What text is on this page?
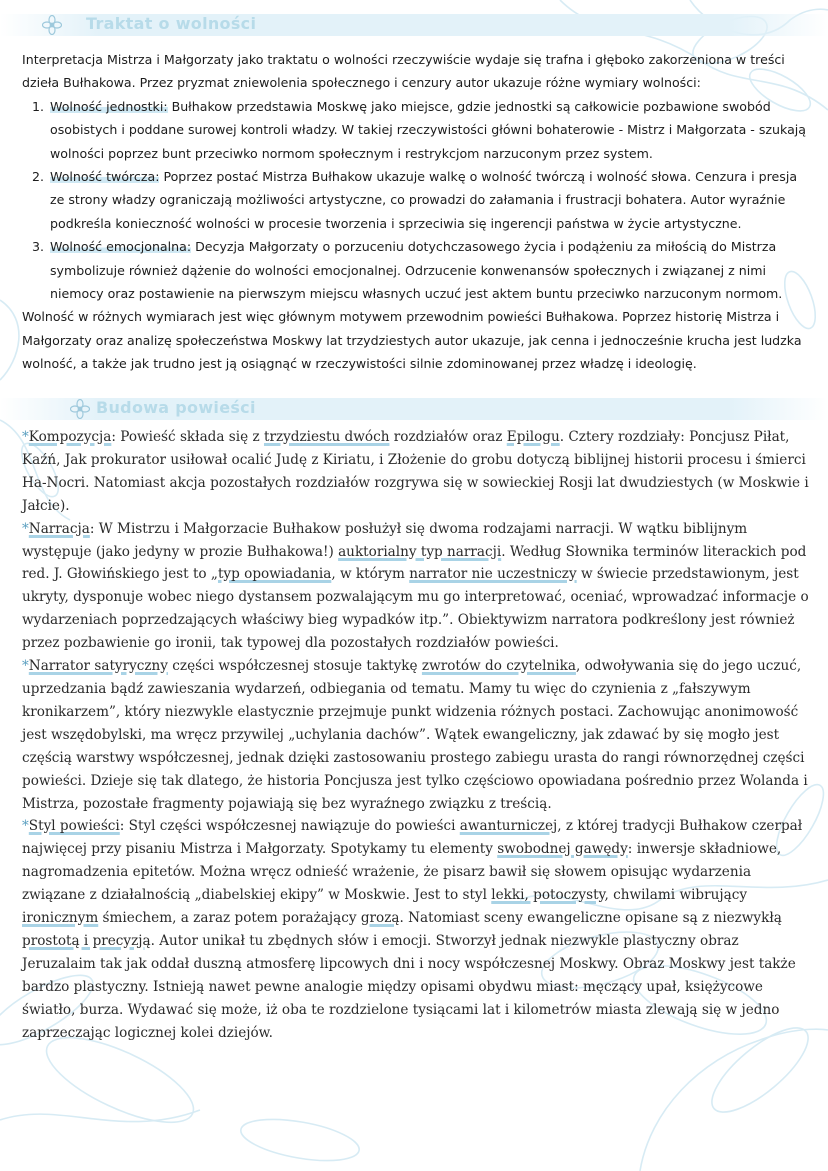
Traktat o wolności

Interpretacja Mistrza i Małgorzaty jako traktatu o wolności rzeczywiście wydaje się trafna i głęboko zakorzeniona w treści dzieła Bułhakowa. Przez pryzmat zniewolenia społecznego i cenzury autor ukazuje różne wymiary wolności:

1. Wolność jednostki: Bułhakow przedstawia Moskwę jako miejsce, gdzie jednostki są całkowicie pozbawione swobód osobistych i poddane surowej kontroli władzy. W takiej rzeczywistości główni bohaterowie - Mistrz i Małgorzata - szukają wolności poprzez bunt przeciwko normom społecznym i restrykcjom narzuconym przez system.
2. Wolność twórcza: Poprzez postać Mistrza Bułhakow ukazuje walkę o wolność twórczą i wolność słowa. Cenzura i presja ze strony władzy ograniczają możliwości artystyczne, co prowadzi do załamania i frustracji bohatera. Autor wyraźnie podkreśla konieczność wolności w procesie tworzenia i sprzeciwia się ingerencji państwa w życie artystyczne.
3. Wolność emocjonalna: Decyzja Małgorzaty o porzuceniu dotychczasowego życia i podążeniu za miłością do Mistrza symbolizuje również dążenie do wolności emocjonalnej. Odrzucenie konwenansów społecznych i związanej z nimi niemocy oraz postawienie na pierwszym miejscu własnych uczuć jest aktem buntu przeciwko narzuconym normom.

Wolność w różnych wymiarach jest więc głównym motywem przewodnim powieści Bułhakowa. Poprzez historię Mistrza i Małgorzaty oraz analizę społeczeństwa Moskwy lat trzydziestych autor ukazuje, jak cenna i jednocześnie krucha jest ludzka wolność, a także jak trudno jest ją osiągnąć w rzeczywistości silnie zdominowanej przez władzę i ideologię.

Budowa powieści

*Kompozycja: Powieść składa się z trzydziestu dwóch rozdziałów oraz Epilogu. Cztery rozdziały: Poncjusz Piłat, Kaźń, Jak prokurator usiłował ocalić Judę z Kiriatu, i Złożenie do grobu dotyczą biblijnej historii procesu i śmierci Ha-Nocri. Natomiast akcja pozostałych rozdziałów rozgrywa się w sowieckiej Rosji lat dwudziestych (w Moskwie i Jałcie).

*Narracja: W Mistrzu i Małgorzacie Bułhakow posłużył się dwoma rodzajami narracji. W wątku biblijnym występuje (jako jedyny w prozie Bułhakowa!) auktorialny typ narracji. Według Słownika terminów literackich pod red. J. Głowińskiego jest to „typ opowiadania, w którym narrator nie uczestniczy w świecie przedstawionym, jest ukryty, dysponuje wobec niego dystansem pozwalającym mu go interpretować, oceniać, wprowadzać informacje o wydarzeniach poprzedzających właściwy bieg wypadków itp.”. Obiektywizm narratora podkreślony jest również przez pozbawienie go ironii, tak typowej dla pozostałych rozdziałów powieści.

*Narrator satyryczny części współczesnej stosuje taktykę zwrotów do czytelnika, odwoływania się do jego uczuć, uprzedzania bądź zawieszania wydarzeń, odbiegania od tematu. Mamy tu więc do czynienia z „fałszywym kronikarzem”, który niezwykle elastycznie przejmuje punkt widzenia różnych postaci. Zachowując anonimowość jest wszędobylski, ma wręcz przywilej „uchylania dachów”. Wątek ewangeliczny, jak zdawać by się mogło jest częścią warstwy współczesnej, jednak dzięki zastosowaniu prostego zabiegu urasta do rangi równorzędnej części powieści. Dzieje się tak dlatego, że historia Poncjusza jest tylko częściowo opowiadana pośrednio przez Wolanda i Mistrza, pozostałe fragmenty pojawiają się bez wyraźnego związku z treścią.

*Styl powieści: Styl części współczesnej nawiązuje do powieści awanturniczej, z której tradycji Bułhakow czerpał najwięcej przy pisaniu Mistrza i Małgorzaty. Spotykamy tu elementy swobodnej gawędy: inwersje składniowe, nagromadzenia epitetów. Można wręcz odnieść wrażenie, że pisarz bawił się słowem opisując wydarzenia związane z działalnością „diabelskiej ekipy” w Moskwie. Jest to styl lekki, potoczysty, chwilami wibrujący ironicznym śmiechem, a zaraz potem porażający grozą. Natomiast sceny ewangeliczne opisane są z niezwykłą prostotą i precyzją. Autor unikał tu zbędnych słów i emocji. Stworzył jednak niezwykle plastyczny obraz Jeruzalaim tak jak oddał duszną atmosferę lipcowych dni i nocy współczesnej Moskwy. Obraz Moskwy jest także bardzo plastyczny. Istnieją nawet pewne analogie między opisami obydwu miast: męczący upał, księżycowe światło, burza. Wydawać się może, iż oba te rozdzielone tysiącami lat i kilometrów miasta zlewają się w jedno zaprzeczając logicznej kolei dziejów.
